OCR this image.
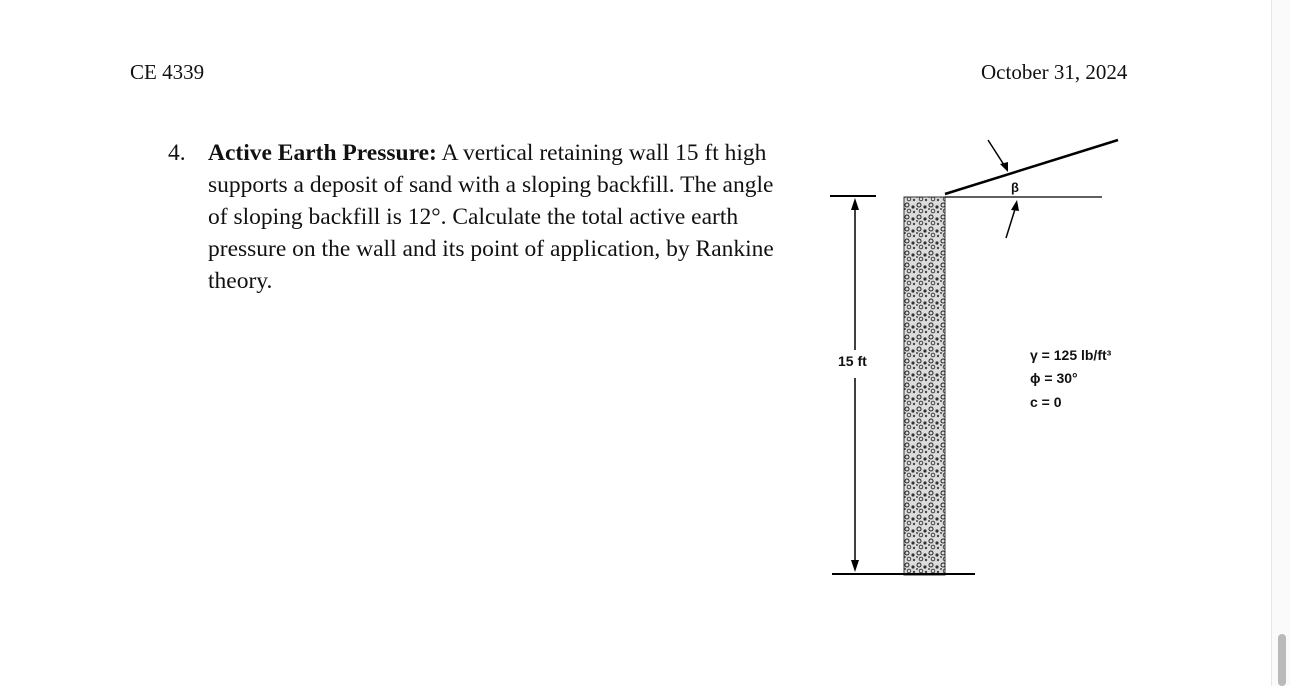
CE 4339	October 31, 2024
4. Active Earth Pressure: A vertical retaining wall 15 ft high supports a deposit of sand with a sloping backfill. The angle of sloping backfill is 12°. Calculate the total active earth pressure on the wall and its point of application, by Rankine theory.
15 ft
β
γ = 125 lb/ft³
ϕ = 30°
c = 0
